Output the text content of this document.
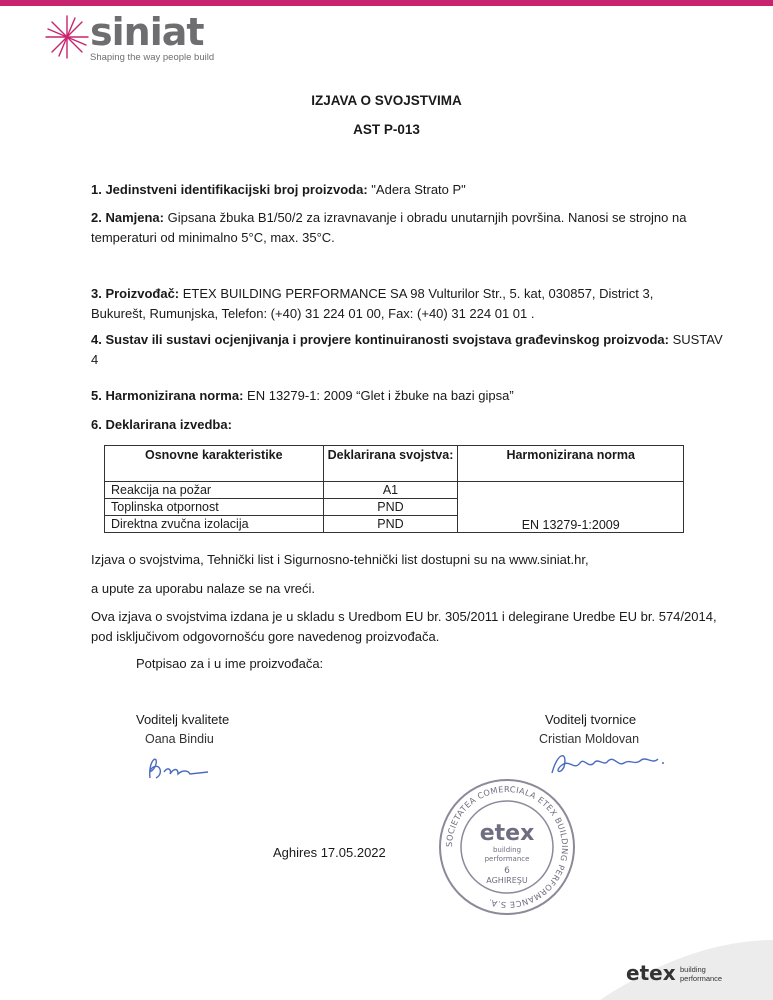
siniat
Shaping the way people build
IZJAVA O SVOJSTVIMA
AST P-013
1. Jedinstveni identifikacijski broj proizvoda: "Adera Strato P"
2. Namjena: Gipsana žbuka B1/50/2 za izravnavanje i obradu unutarnjih površina. Nanosi se strojno na temperaturi od minimalno 5°C, max. 35°C.
3. Proizvođač: ETEX BUILDING PERFORMANCE SA 98 Vulturilor Str., 5. kat, 030857, District 3, Bukurešt, Rumunjska, Telefon: (+40) 31 224 01 00, Fax: (+40) 31 224 01 01 .
4. Sustav ili sustavi ocjenjivanja i provjere kontinuiranosti svojstava građevinskog proizvoda: SUSTAV 4
5. Harmonizirana norma: EN 13279-1: 2009 “Glet i žbuke na bazi gipsa”
6. Deklarirana izvedba:
Osnovne karakteristike	Deklarirana svojstva:	Harmonizirana norma
Reakcija na požar	A1	EN 13279-1:2009
Toplinska otpornost	PND	
Direktna zvučna izolacija	PND	
Izjava o svojstvima, Tehnički list i Sigurnosno-tehnički list dostupni su na www.siniat.hr,
a upute za uporabu nalaze se na vreći.
Ova izjava o svojstvima izdana je u skladu s Uredbom EU br. 305/2011 i delegirane Uredbe EU br. 574/2014, pod isključivom odgovornošću gore navedenog proizvođača.
Potpisao za i u ime proizvođača:
Voditelj kvalitete
Oana Bindiu
Voditelj tvornice
Cristian Moldovan
Aghires 17.05.2022
SOCIETATEA COMERCIALA ETEX BUILDING PERFORMANCE S.A.
etex
building
performance
6
AGHIREŞU
etex building
performance
